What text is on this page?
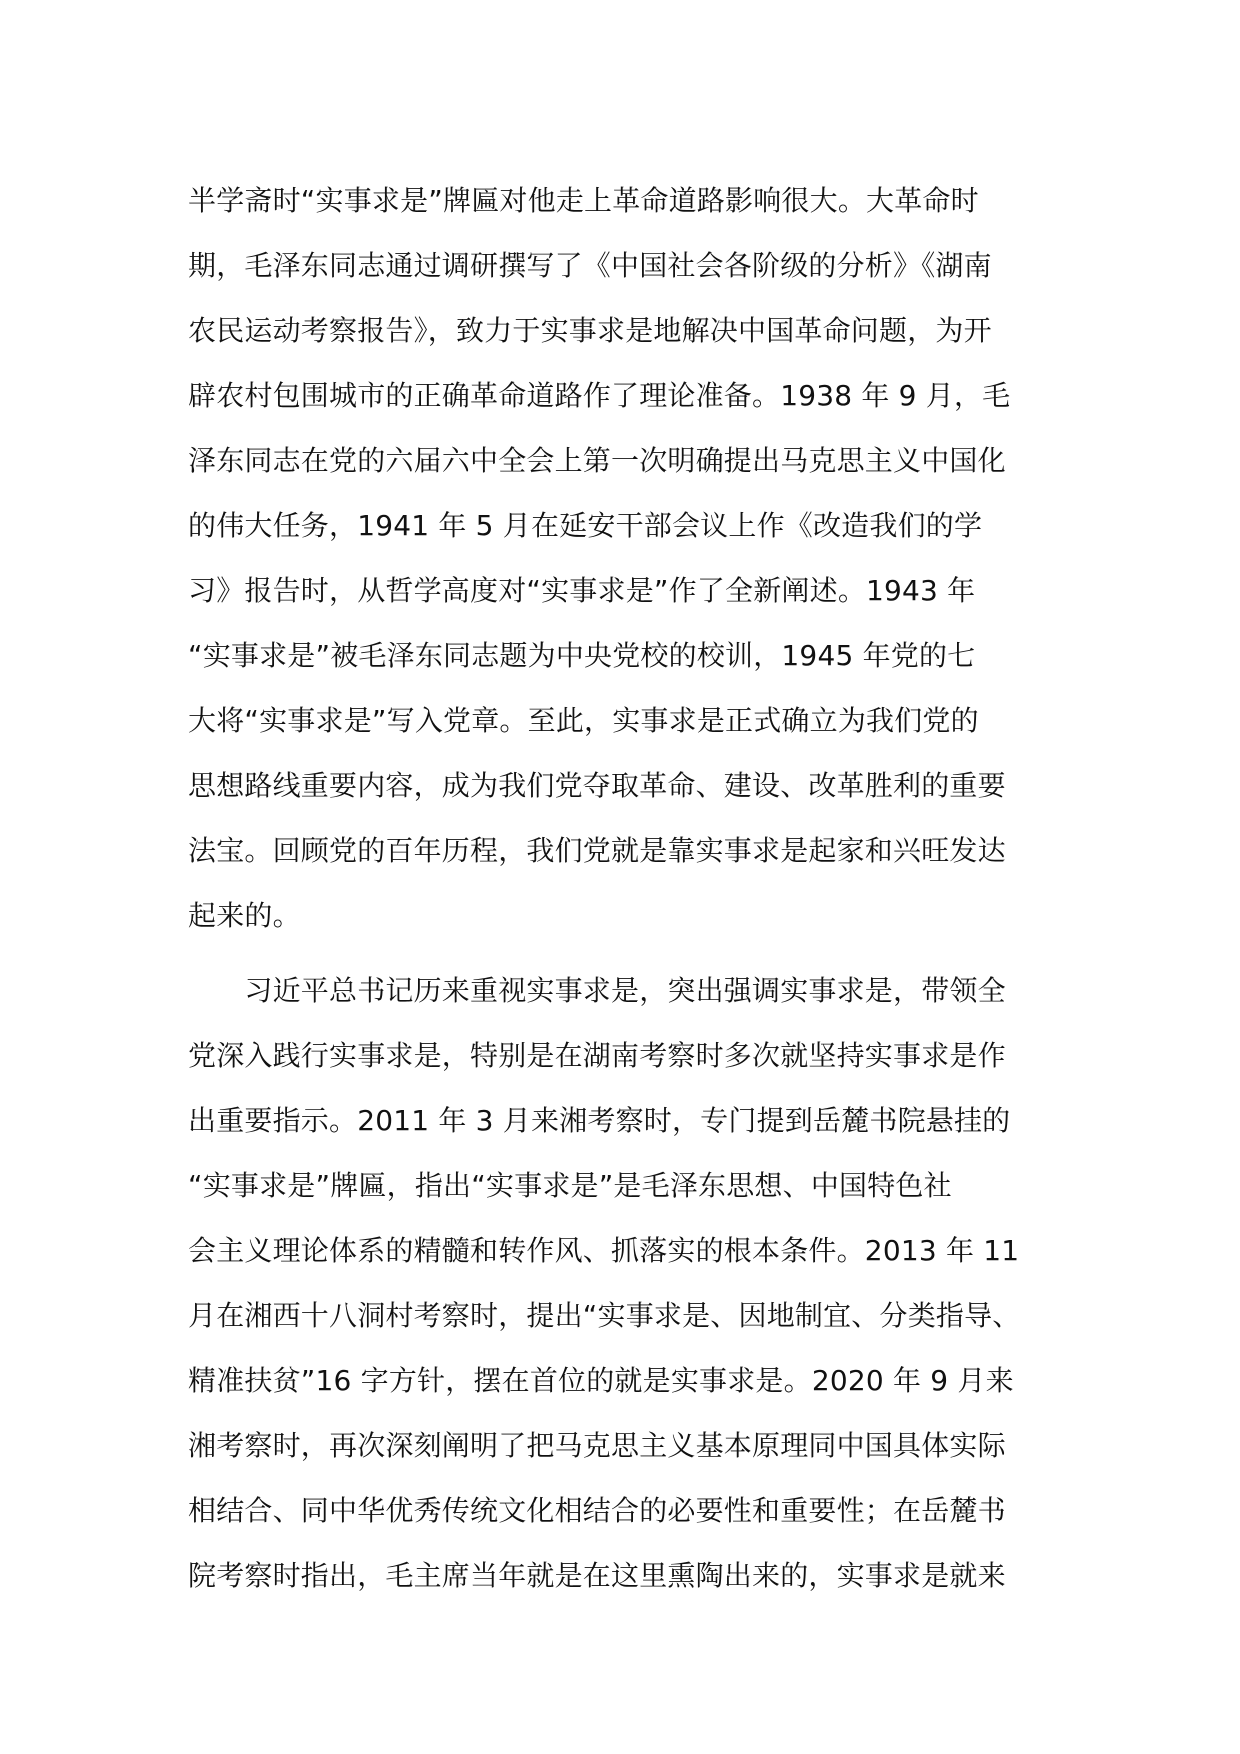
半学斋时“实事求是”牌匾对他走上革命道路影响很大。大革命时
期，毛泽东同志通过调研撰写了《中国社会各阶级的分析》《湖南
农民运动考察报告》，致力于实事求是地解决中国革命问题，为开
辟农村包围城市的正确革命道路作了理论准备。1938 年 9 月，毛
泽东同志在党的六届六中全会上第一次明确提出马克思主义中国化
的伟大任务，1941 年 5 月在延安干部会议上作《改造我们的学
习》报告时，从哲学高度对“实事求是”作了全新阐述。1943 年
“实事求是”被毛泽东同志题为中央党校的校训，1945 年党的七
大将“实事求是”写入党章。至此，实事求是正式确立为我们党的
思想路线重要内容，成为我们党夺取革命、建设、改革胜利的重要
法宝。回顾党的百年历程，我们党就是靠实事求是起家和兴旺发达
起来的。
　　习近平总书记历来重视实事求是，突出强调实事求是，带领全
党深入践行实事求是，特别是在湖南考察时多次就坚持实事求是作
出重要指示。2011 年 3 月来湘考察时，专门提到岳麓书院悬挂的
“实事求是”牌匾，指出“实事求是”是毛泽东思想、中国特色社
会主义理论体系的精髓和转作风、抓落实的根本条件。2013 年 11
月在湘西十八洞村考察时，提出“实事求是、因地制宜、分类指导、
精准扶贫”16 字方针，摆在首位的就是实事求是。2020 年 9 月来
湘考察时，再次深刻阐明了把马克思主义基本原理同中国具体实际
相结合、同中华优秀传统文化相结合的必要性和重要性；在岳麓书
院考察时指出，毛主席当年就是在这里熏陶出来的，实事求是就来
